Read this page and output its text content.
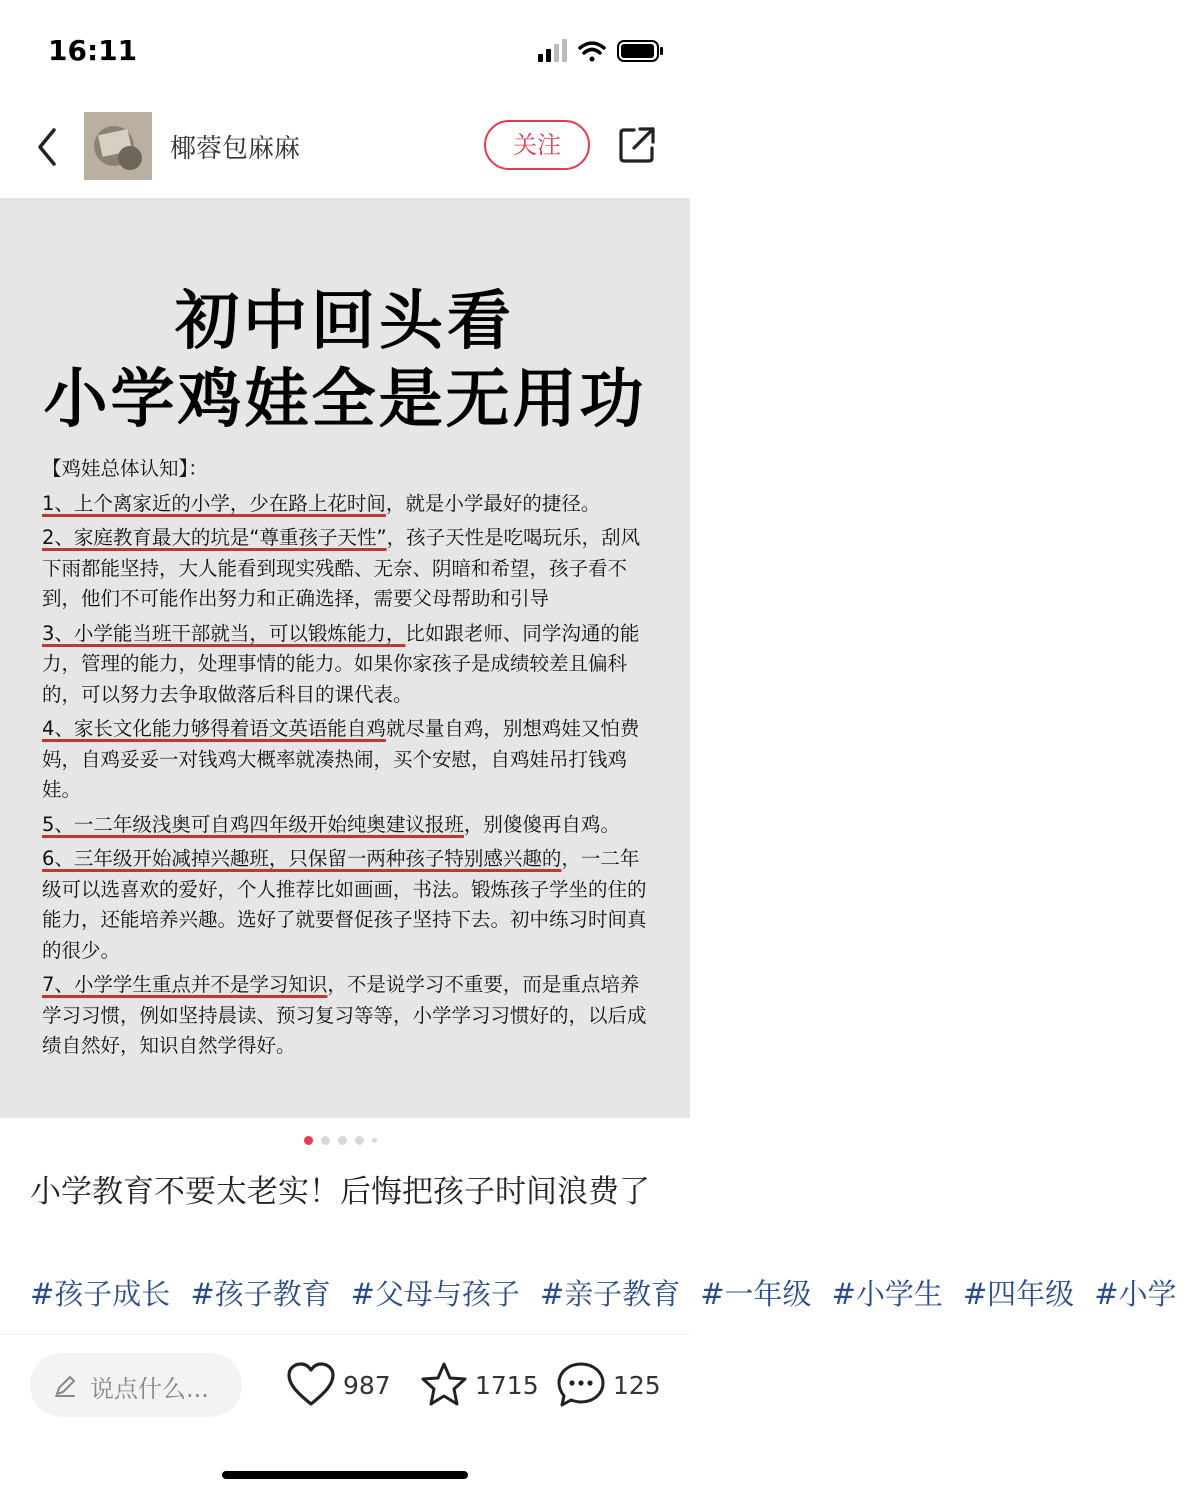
16:11
椰蓉包麻麻	关注
初中回头看
小学鸡娃全是无用功

【鸡娃总体认知】：

1、上个离家近的小学，少在路上花时间，就是小学最好的捷径。

2、家庭教育最大的坑是“尊重孩子天性”，孩子天性是吃喝玩乐，刮风下雨都能坚持，大人能看到现实残酷、无奈、阴暗和希望，孩子看不到，他们不可能作出努力和正确选择，需要父母帮助和引导

3、小学能当班干部就当，可以锻炼能力，比如跟老师、同学沟通的能力，管理的能力，处理事情的能力。如果你家孩子是成绩较差且偏科的，可以努力去争取做落后科目的课代表。

4、家长文化能力够得着语文英语能自鸡就尽量自鸡，别想鸡娃又怕费妈，自鸡妥妥一对钱鸡大概率就凑热闹，买个安慰，自鸡娃吊打钱鸡娃。

5、一二年级浅奥可自鸡四年级开始纯奥建议报班，别傻傻再自鸡。

6、三年级开始减掉兴趣班，只保留一两种孩子特别感兴趣的，一二年级可以选喜欢的爱好，个人推荐比如画画，书法。锻炼孩子学坐的住的能力，还能培养兴趣。选好了就要督促孩子坚持下去。初中练习时间真的很少。

7、小学学生重点并不是学习知识，不是说学习不重要，而是重点培养学习习惯，例如坚持晨读、预习复习等等，小学学习习惯好的，以后成绩自然好，知识自然学得好。

小学教育不要太老实！后悔把孩子时间浪费了
#孩子成长 #孩子教育 #父母与孩子 #亲子教育 #一年级 #小学生 #四年级 #小学
说点什么...	987	1715	125
